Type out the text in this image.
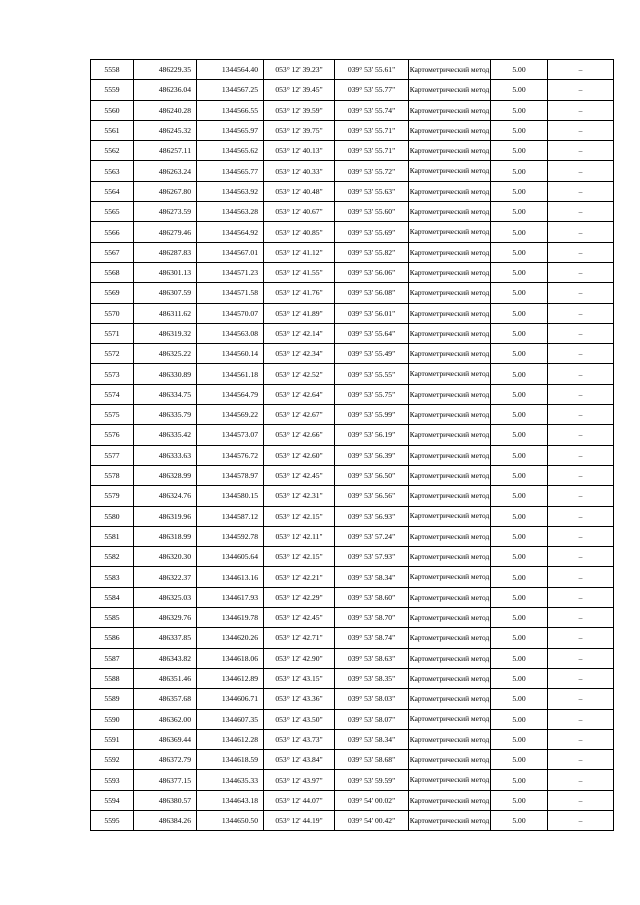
5558	486229.35	1344564.40	053° 12' 39.23"	039° 53' 55.61"	Картометрический метод	5.00	–
5559	486236.04	1344567.25	053° 12' 39.45"	039° 53' 55.77"	Картометрический метод	5.00	–
5560	486240.28	1344566.55	053° 12' 39.59"	039° 53' 55.74"	Картометрический метод	5.00	–
5561	486245.32	1344565.97	053° 12' 39.75"	039° 53' 55.71"	Картометрический метод	5.00	–
5562	486257.11	1344565.62	053° 12' 40.13"	039° 53' 55.71"	Картометрический метод	5.00	–
5563	486263.24	1344565.77	053° 12' 40.33"	039° 53' 55.72"	Картометрический метод	5.00	–
5564	486267.80	1344563.92	053° 12' 40.48"	039° 53' 55.63"	Картометрический метод	5.00	–
5565	486273.59	1344563.28	053° 12' 40.67"	039° 53' 55.60"	Картометрический метод	5.00	–
5566	486279.46	1344564.92	053° 12' 40.85"	039° 53' 55.69"	Картометрический метод	5.00	–
5567	486287.83	1344567.01	053° 12' 41.12"	039° 53' 55.82"	Картометрический метод	5.00	–
5568	486301.13	1344571.23	053° 12' 41.55"	039° 53' 56.06"	Картометрический метод	5.00	–
5569	486307.59	1344571.58	053° 12' 41.76"	039° 53' 56.08"	Картометрический метод	5.00	–
5570	486311.62	1344570.07	053° 12' 41.89"	039° 53' 56.01"	Картометрический метод	5.00	–
5571	486319.32	1344563.08	053° 12' 42.14"	039° 53' 55.64"	Картометрический метод	5.00	–
5572	486325.22	1344560.14	053° 12' 42.34"	039° 53' 55.49"	Картометрический метод	5.00	–
5573	486330.89	1344561.18	053° 12' 42.52"	039° 53' 55.55"	Картометрический метод	5.00	–
5574	486334.75	1344564.79	053° 12' 42.64"	039° 53' 55.75"	Картометрический метод	5.00	–
5575	486335.79	1344569.22	053° 12' 42.67"	039° 53' 55.99"	Картометрический метод	5.00	–
5576	486335.42	1344573.07	053° 12' 42.66"	039° 53' 56.19"	Картометрический метод	5.00	–
5577	486333.63	1344576.72	053° 12' 42.60"	039° 53' 56.39"	Картометрический метод	5.00	–
5578	486328.99	1344578.97	053° 12' 42.45"	039° 53' 56.50"	Картометрический метод	5.00	–
5579	486324.76	1344580.15	053° 12' 42.31"	039° 53' 56.56"	Картометрический метод	5.00	–
5580	486319.96	1344587.12	053° 12' 42.15"	039° 53' 56.93"	Картометрический метод	5.00	–
5581	486318.99	1344592.78	053° 12' 42.11"	039° 53' 57.24"	Картометрический метод	5.00	–
5582	486320.30	1344605.64	053° 12' 42.15"	039° 53' 57.93"	Картометрический метод	5.00	–
5583	486322.37	1344613.16	053° 12' 42.21"	039° 53' 58.34"	Картометрический метод	5.00	–
5584	486325.03	1344617.93	053° 12' 42.29"	039° 53' 58.60"	Картометрический метод	5.00	–
5585	486329.76	1344619.78	053° 12' 42.45"	039° 53' 58.70"	Картометрический метод	5.00	–
5586	486337.85	1344620.26	053° 12' 42.71"	039° 53' 58.74"	Картометрический метод	5.00	–
5587	486343.82	1344618.06	053° 12' 42.90"	039° 53' 58.63"	Картометрический метод	5.00	–
5588	486351.46	1344612.89	053° 12' 43.15"	039° 53' 58.35"	Картометрический метод	5.00	–
5589	486357.68	1344606.71	053° 12' 43.36"	039° 53' 58.03"	Картометрический метод	5.00	–
5590	486362.00	1344607.35	053° 12' 43.50"	039° 53' 58.07"	Картометрический метод	5.00	–
5591	486369.44	1344612.28	053° 12' 43.73"	039° 53' 58.34"	Картометрический метод	5.00	–
5592	486372.79	1344618.59	053° 12' 43.84"	039° 53' 58.68"	Картометрический метод	5.00	–
5593	486377.15	1344635.33	053° 12' 43.97"	039° 53' 59.59"	Картометрический метод	5.00	–
5594	486380.57	1344643.18	053° 12' 44.07"	039° 54' 00.02"	Картометрический метод	5.00	–
5595	486384.26	1344650.50	053° 12' 44.19"	039° 54' 00.42"	Картометрический метод	5.00	–
